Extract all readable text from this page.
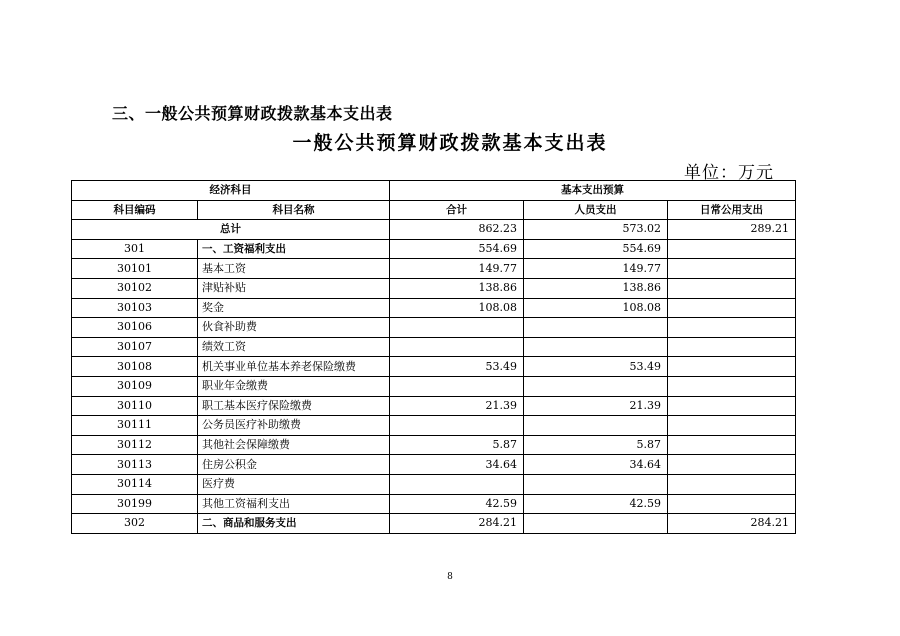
三、一般公共预算财政拨款基本支出表
一般公共预算财政拨款基本支出表
单位：万元
经济科目		基本支出预算		
科目编码	科目名称	合计	人员支出	日常公用支出
总计		862.23	573.02	289.21
301	一、工资福利支出	554.69	554.69	
30101	基本工资	149.77	149.77	
30102	津贴补贴	138.86	138.86	
30103	奖金	108.08	108.08	
30106	伙食补助费			
30107	绩效工资			
30108	机关事业单位基本养老保险缴费	53.49	53.49	
30109	职业年金缴费			
30110	职工基本医疗保险缴费	21.39	21.39	
30111	公务员医疗补助缴费			
30112	其他社会保障缴费	5.87	5.87	
30113	住房公积金	34.64	34.64	
30114	医疗费			
30199	其他工资福利支出	42.59	42.59	
302	二、商品和服务支出	284.21		284.21
8
